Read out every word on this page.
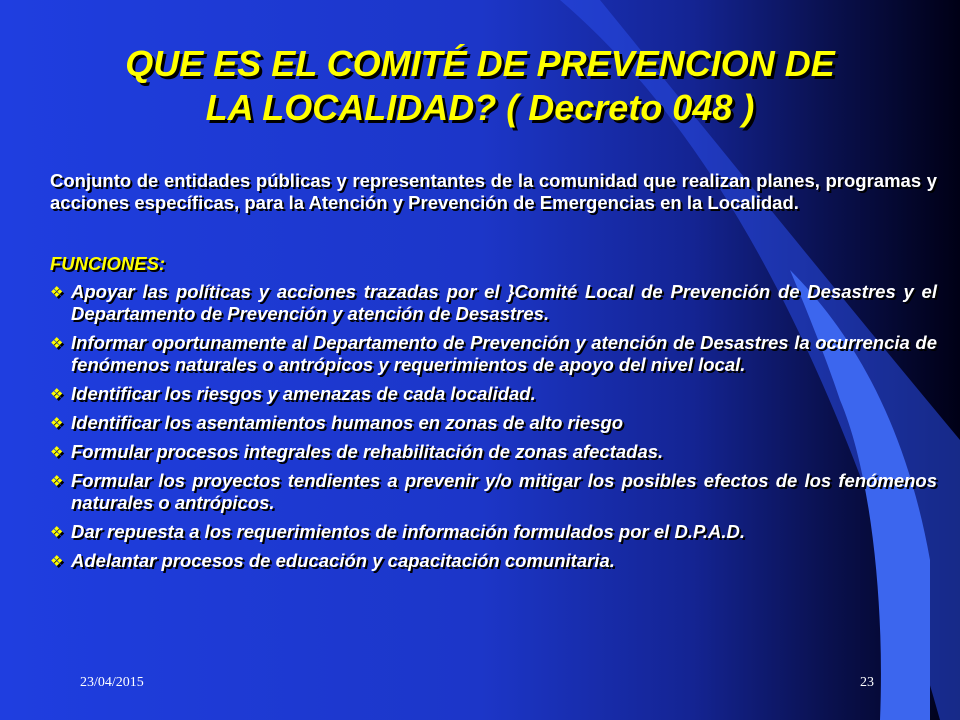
QUE ES EL COMITÉ DE PREVENCION DE
LA LOCALIDAD? ( Decreto 048 )

Conjunto de entidades públicas y representantes de la comunidad que realizan planes, programas y acciones específicas, para la Atención y Prevención de Emergencias en la Localidad.

FUNCIONES:
❖ Apoyar las políticas y acciones trazadas por el }Comité Local de Prevención de Desastres y el Departamento de Prevención y atención de Desastres.
❖ Informar oportunamente al Departamento de Prevención y atención de Desastres la ocurrencia de fenómenos naturales o antrópicos y requerimientos de apoyo del nivel local.
❖ Identificar los riesgos y amenazas de cada localidad.
❖ Identificar los asentamientos humanos en zonas de alto riesgo
❖ Formular procesos integrales de rehabilitación de zonas afectadas.
❖ Formular los proyectos tendientes a prevenir y/o mitigar los posibles efectos de los fenómenos naturales o antrópicos.
❖ Dar repuesta a los requerimientos de información formulados por el D.P.A.D.
❖ Adelantar procesos de educación y capacitación comunitaria.
23/04/2015	23
